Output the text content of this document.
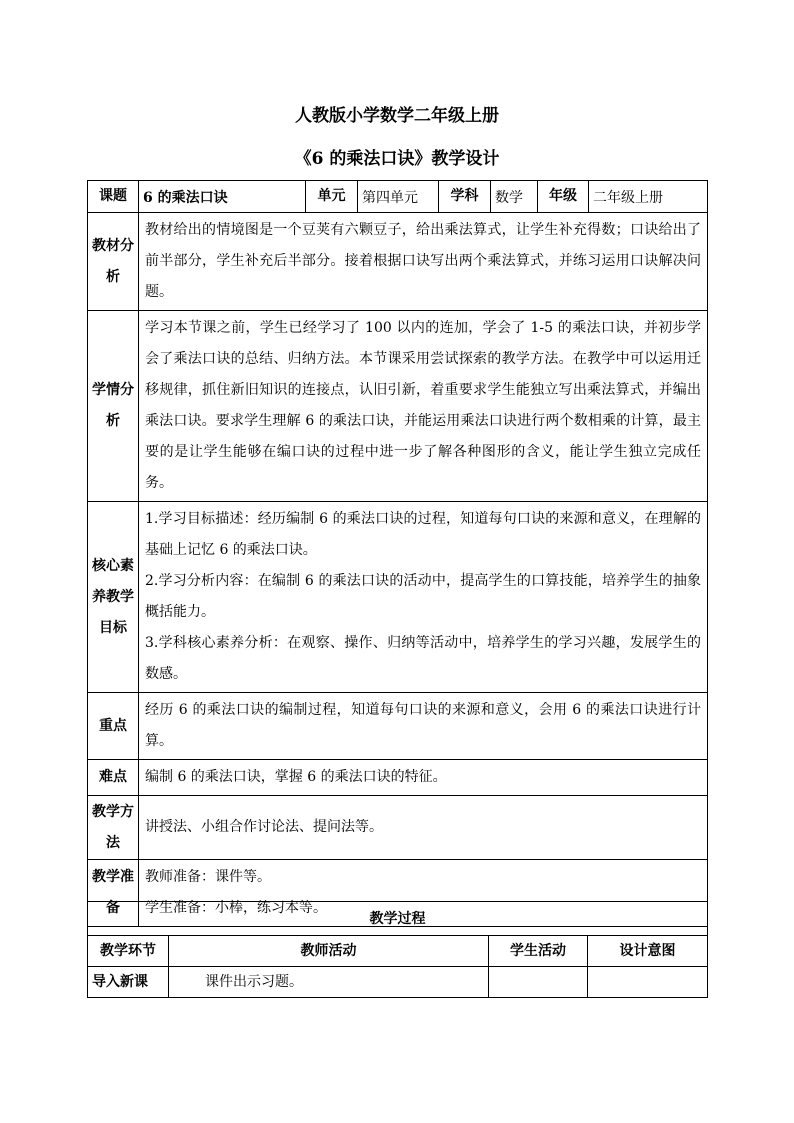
人教版小学数学二年级上册
《6 的乘法口诀》教学设计
课题	6 的乘法口诀	单元	第四单元	学科	数学	年级	二年级上册
教材分析	教材给出的情境图是一个豆荚有六颗豆子，给出乘法算式，让学生补充得数；口诀给出了前半部分，学生补充后半部分。接着根据口诀写出两个乘法算式，并练习运用口诀解决问题。						
学情分析	学习本节课之前，学生已经学习了 100 以内的连加，学会了 1-5 的乘法口诀，并初步学会了乘法口诀的总结、归纳方法。本节课采用尝试探索的教学方法。在教学中可以运用迁移规律，抓住新旧知识的连接点，认旧引新，着重要求学生能独立写出乘法算式，并编出乘法口诀。要求学生理解 6 的乘法口诀，并能运用乘法口诀进行两个数相乘的计算，最主要的是让学生能够在编口诀的过程中进一步了解各种图形的含义，能让学生独立完成任务。						
核心素养教学目标	1.学习目标描述：经历编制 6 的乘法口诀的过程，知道每句口诀的来源和意义，在理解的基础上记忆 6 的乘法口诀。
2.学习分析内容：在编制 6 的乘法口诀的活动中，提高学生的口算技能，培养学生的抽象概括能力。
3.学科核心素养分析：在观察、操作、归纳等活动中，培养学生的学习兴趣，发展学生的数感。						

重点	经历 6 的乘法口诀的编制过程，知道每句口诀的来源和意义，会用 6 的乘法口诀进行计算。						
难点	编制 6 的乘法口诀，掌握 6 的乘法口诀的特征。						
教学方法	讲授法、小组合作讨论法、提问法等。						
教学准备	教师准备：课件等。
学生准备：小棒，练习本等。						
教学过程			
教学环节	教师活动	学生活动	设计意图
导入新课	课件出示习题。		
